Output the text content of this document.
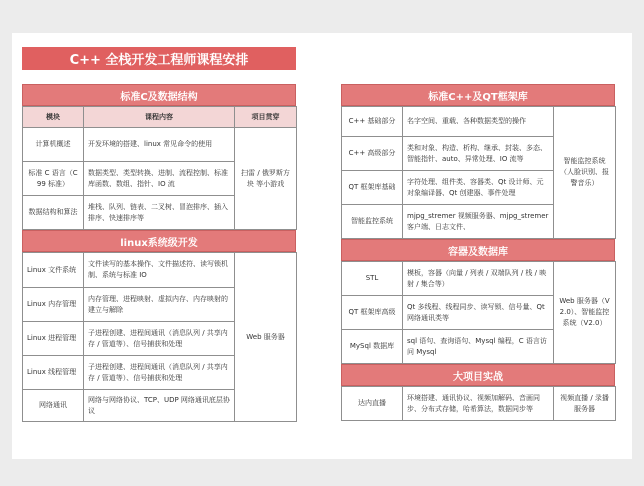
C++ 全栈开发工程师课程安排
标准C及数据结构
模块	课程内容	项目贯穿
计算机概述	开发环境的搭建、linux 常见命令的使用	扫雷 / 俄罗斯方块 等小游戏
标准 C 语言（C99 标准）	数据类型、类型转换、进制、流程控制、标准库函数、数组、指针、IO 流	
数据结构和算法	堆栈、队列、链表、二叉树、冒泡排序、插入排序、快速排序等	
linux系统级开发
Linux 文件系统	文件读写的基本操作、文件描述符、读写锁机制、系统与标准 IO	Web 服务器
Linux 内存管理	内存管理、进程映射、虚拟内存、内存映射的建立与解除	
Linux 进程管理	子进程创建、进程间通讯（消息队列 / 共享内存 / 管道等）、信号捕获和处理	
Linux 线程管理	子进程创建、进程间通讯（消息队列 / 共享内存 / 管道等）、信号捕获和处理	
网络通讯	网络与网络协议、TCP、UDP 网络通讯底层协议	
标准C++及QT框架库
C++ 基础部分	名字空间、重载、各种数据类型的操作	智能监控系统（人脸识别、报警音乐）
C++ 高级部分	类和对象、构造、析构、继承、封装、多态、智能指针、auto、异常处理、IO 流等	
QT 框架库基础	字符处理、组件类、容器类、Qt 设计师、元对象编译器、Qt 创建器、事件处理	
智能监控系统	mjpg_stremer 视频服务器、mjpg_stremer 客户端、日志文件、	
容器及数据库
STL	模板，容器（向量 / 列表 / 双端队列 / 栈 / 映射 / 集合等）	Web 服务器（V2.0）、智能监控系统（V2.0）
QT 框架库高级	Qt 多线程、线程同步、读写锁、信号量、Qt 网络通讯类等	
MySql 数据库	sql 语句、查询语句、Mysql 编程，C 语言访问 Mysql	
大项目实战
达内直播	环境搭建、通讯协议、视频加解码、音画同步、分布式存储，哈希算法，数据同步等	视频直播 / 录播服务器
